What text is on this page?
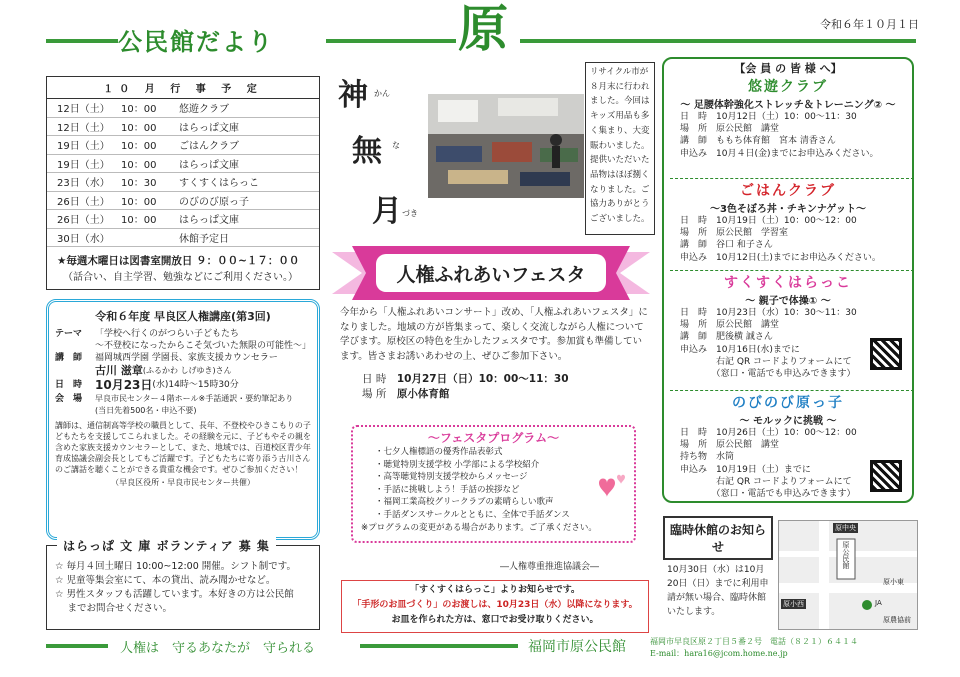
公民館だより	原	令和６年１０月１日
１０ 月 行 事 予 定
12日（土）	10：00	悠遊クラブ
12日（土）	10：00	はらっぱ文庫
19日（土）	10：00	ごはんクラブ
19日（土）	10：00	はらっぱ文庫
23日（水）	10：30	すくすくはらっこ
26日（土）	10：00	のびのび原っ子
26日（土）	10：00	はらっぱ文庫
30日（水）	休館予定日
★毎週木曜日は図書室開放日 ９：００~１７：００
（話合い、自主学習、勉強などにご利用ください。）
令和６年度 早良区人権講座(第3回)
テーマ	「学校へ行くのがつらい子どもたち
～不登校になったからこそ気づいた無限の可能性～」
講　師	福岡城西学園 学園長、家族支援カウンセラー
古川 滋章 (ふるかわ しげゆき)さん
日　時	10月23日 (水)14時～15時30分
会　場	早良市民センター４階ホール※手話通訳・要約筆記あり
(当日先着500名・申込不要)
講師は、通信制高等学校の職員として、長年、不登校やひきこもりの子どもたちを支援してこられました。その経験を元に、子どもやその親を含めた家族支援カウンセラーとして、また、地域では、百道校区青少年育成協議会副会長としてもご活躍です。子どもたちに寄り添う古川さんのご講話を聴くことができる貴重な機会です。ぜひご参加ください！
（早良区役所・早良市民センター共催）
はらっぱ 文 庫 ボランティア 募 集
☆ 毎月４回土曜日 10:00~12:00 開催。シフト制です。
☆ 児童等集会室にて、本の貸出、読み聞かせなど。
☆ 男性スタッフも活躍しています。本好きの方は公民館
　 までお問合せください。
神 かん
無 な
月 づき
リサイクル市が
８月末に行われ
ました。今回は
キッズ用品も多
く集まり、大変
賑わいました。
提供いただいた
品物はほぼ捌く
なりました。ご
協力ありがとう
ございました。
人権ふれあいフェスタ
今年から「人権ふれあいコンサート」改め、「人権ふれあいフェスタ」になりました。地域の方が皆集まって、楽しく交流しながら人権について学びます。原校区の特色を生かしたフェスタです。参加賞も準備しています。皆さまお誘いあわせの上、ぜひご参加下さい。
日 時　 10月27日（日）10：00～11：30
場 所　 原小体育館
～フェスタプログラム～
・七夕人権標語の優秀作品表彰式
・聴覚特別支援学校 小学部による学校紹介
・高等聴覚特別支援学校からメッセージ
・手話に挑戦しよう！手話の挨拶など
・福岡工業高校グリークラブの素晴らしい歌声
・手話ダンスサークルとともに、全体で手話ダンス
※プログラムの変更がある場合があります。ご了承ください。
―人権尊重推進協議会―
「すくすくはらっこ」よりお知らせです。
「手形のお皿づくり」のお渡しは、10月23日（水）以降になります。
お皿を作られた方は、窓口でお受け取りください。
【会 員 の 皆 様 へ】
悠遊クラブ
～ 足腰体幹強化ストレッチ＆トレーニング② ～
日　時　10月12日（土）10：00～11：30
場　所　原公民館　講堂
講　師　ももち体育館　宮本 清香さん
申込み　10月４日(金)までにお申込みください。
ごはんクラブ
～3色そぼろ丼・チキンナゲット～
日　時　10月19日（土）10：00～12：00
場　所　原公民館　学習室
講　師　谷口 和子さん
申込み　10月12日(土)までにお申込みください。
すくすくはらっこ
～ 親子で体操① ～
日　時　10月23日（水）10：30～11：30
場　所　原公民館　講堂
講　師　肥後横 誠さん
申込み　10月16日(水)までに
　　　　右記 QR コードよりフォームにて
　　　　（窓口・電話でも申込みできます）
のびのび原っ子
～ モルックに挑戦 ～
日　時　10月26日（土）10：00～12：00
場　所　原公民館　講堂
持ち物　水筒
申込み　10月19日（土）までに
　　　　右記 QR コードよりフォームにて
　　　　（窓口・電話でも申込みできます）
臨時休館のお知らせ
10月30日（水）は10月20日（日）までに利用申請が無い場合、臨時休館いたします。
原中央
原公民館
原小東
原小西	JA
原農協前
人権は　守るあなたが　守られる	福岡市原公民館	福岡市早良区原２丁目５番２号　電話（８２１）６４１４
E-mail：hara16@jcom.home.ne.jp
